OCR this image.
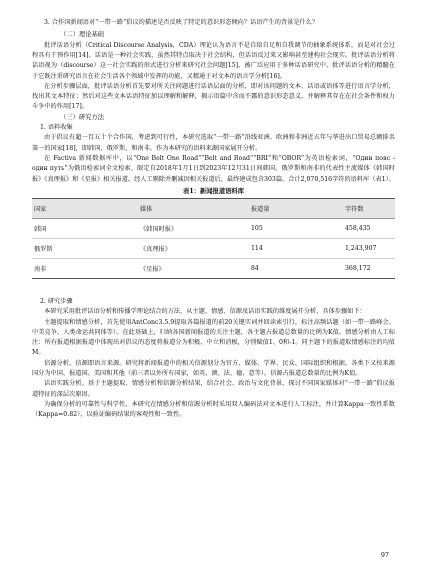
3. 合作国新闻语对“一带一路”倡议的描述是否反映了特定的意识形态倾向？话语产生的背景是什么？

（二）理论基础

批评话语分析（Critical Discourse Analysis，CDA）理论认为语言不是自给自足和自我调节的抽象系统体系，而是对社会过程具有干预作用[14]。话语是一种社会实践，虽然其特点取决于社会结构，但话语反过来又影响甚至建构社会现实。批评话语分析将话语视为（discourse）这一社会实践的形式进行分析来研究社会问题[15]，被广泛应用于多种话语研究中。批评话语分析的精髓在于它既注重研究语言在社会生活各个领域中发挥的功能，又精通于对文本的语言学分析[16]。

在分析步骤层面，批评话语分析首先要对所关注问题进行话语层面的分析，即对该问题的文本、话语或语体等进行语言学分析，找出其文本特征；然后对这些文本话语特征加以理解和解释，揭示语篇中含而不露的意识形态意义，并解释其存在在社会条件和权力斗争中的作用[17]。

（三）研究方法

1. 语料收集

由于倡议有超一百五十个合作国，考虑到可行性，本研究选取“一带一路”沿线亚洲、欧洲和非洲近五年与华进出口贸易总额排名第一的国家[18]，即韩国、俄罗斯、和南非，作为本研究的语料来源国家展开分析。

在 Factiva 新闻数据库中，以“One Belt One Road”“Belt and Road”“BRI”和“OBOR”为英语检索词，“Один пояс - один путь”为俄语检索词全文检索，限定自2018年1月1日到2023年12月31日间韩国、俄罗斯和南非的代表性主流媒体《韩国时报》《真理报》和《星报》相关报道。经人工剔除并删减因相关报道后，最终建成包含303篇、合计2,070,516字符的语料库（表1）。

表1：新闻报道语料库
国家	媒体	报道量	字符数
韩国	《韩国时报》	105	458,435
俄罗斯	《真理报》	114	1,243,907
南非	《星报》	84	368,172

2. 研究步骤

本研究采用批评话语分析和传播学理论结合的方法，从主题、情感、信源及话语实践的维度展开分析，具体步骤如下：

主题提取和情感分析，首先使用AntConc3.5.9提取各篇报道的前20关键实词并回读索引行，标注高频话题（如一带一路峰会、中美竞争、人类命运共同体等）。在此基础上，归纳各国新闻报道的关注主题，各主题占报道总数量的比例为K值。情感分析由人工标注：所有报道根据报道中体现出对倡议的态度将报道分为积极、中立和消极，分别赋值1、0和-1。同主题下的报道取情感标注的均值M。

信源分析。信源即语言来源。研究将新闻报道中的相关信源划分为官方、媒体、学界、民众、国际组织和根据，各类下又按来源国分为中国、报道国、美国和其他（前三者以外所有国家，如英、澳、法、德、意等）。信源占报道总数量的比例为K值。

话语实践分析。基于主题提取、情感分析和信源分析结果，结合社会、政治与文化背景，探讨不同国家媒体对“一带一路”倡议报道特征的深层次原因。

为确保分析的可靠性与科学性，本研究在情感分析和信源分析时采用双人编码法对文本进行人工标注，并计算Kappa一致性系数（Kappa=0.82），以验证编码结果的客观性和一致性。

97
